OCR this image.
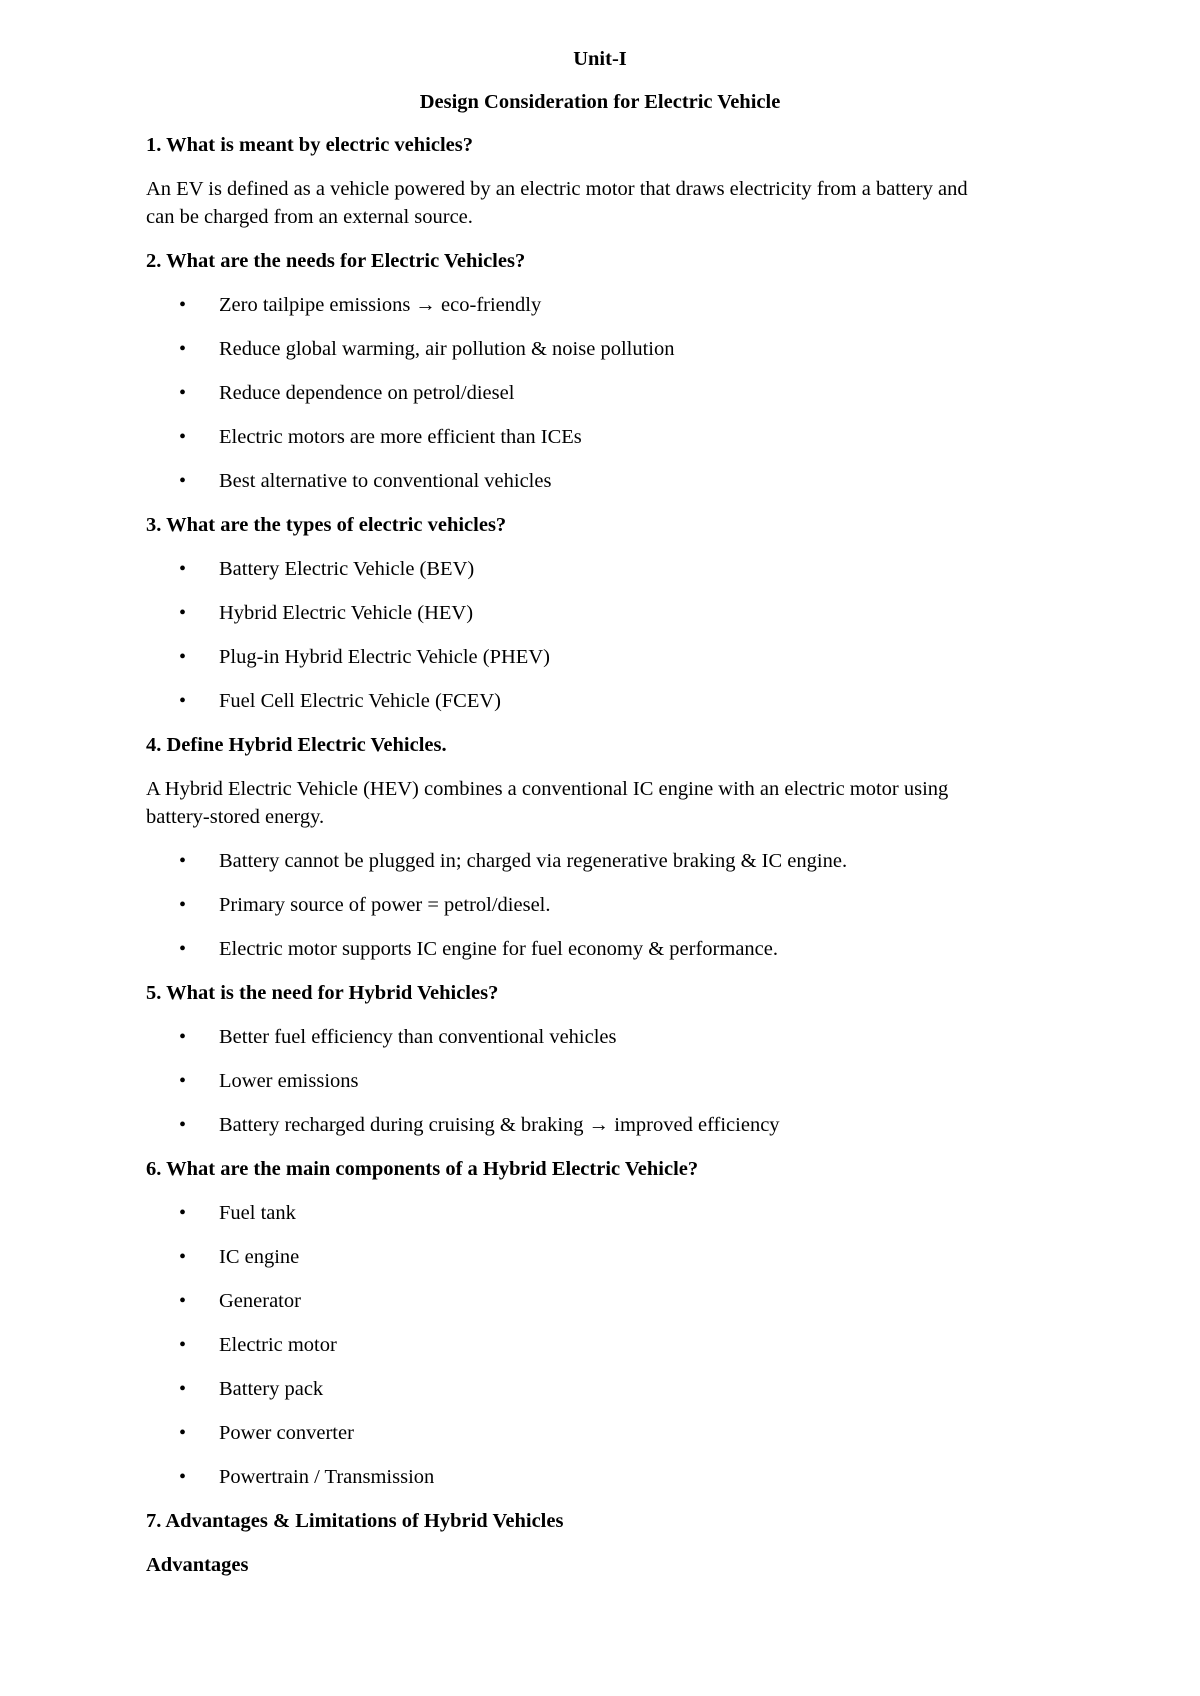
Unit-I
Design Consideration for Electric Vehicle
1. What is meant by electric vehicles?
An EV is defined as a vehicle powered by an electric motor that draws electricity from a battery and
can be charged from an external source.
2. What are the needs for Electric Vehicles?
• Zero tailpipe emissions → eco-friendly
• Reduce global warming, air pollution & noise pollution
• Reduce dependence on petrol/diesel
• Electric motors are more efficient than ICEs
• Best alternative to conventional vehicles
3. What are the types of electric vehicles?
• Battery Electric Vehicle (BEV)
• Hybrid Electric Vehicle (HEV)
• Plug-in Hybrid Electric Vehicle (PHEV)
• Fuel Cell Electric Vehicle (FCEV)
4. Define Hybrid Electric Vehicles.
A Hybrid Electric Vehicle (HEV) combines a conventional IC engine with an electric motor using
battery-stored energy.
• Battery cannot be plugged in; charged via regenerative braking & IC engine.
• Primary source of power = petrol/diesel.
• Electric motor supports IC engine for fuel economy & performance.
5. What is the need for Hybrid Vehicles?
• Better fuel efficiency than conventional vehicles
• Lower emissions
• Battery recharged during cruising & braking → improved efficiency
6. What are the main components of a Hybrid Electric Vehicle?
• Fuel tank
• IC engine
• Generator
• Electric motor
• Battery pack
• Power converter
• Powertrain / Transmission
7. Advantages & Limitations of Hybrid Vehicles
Advantages
